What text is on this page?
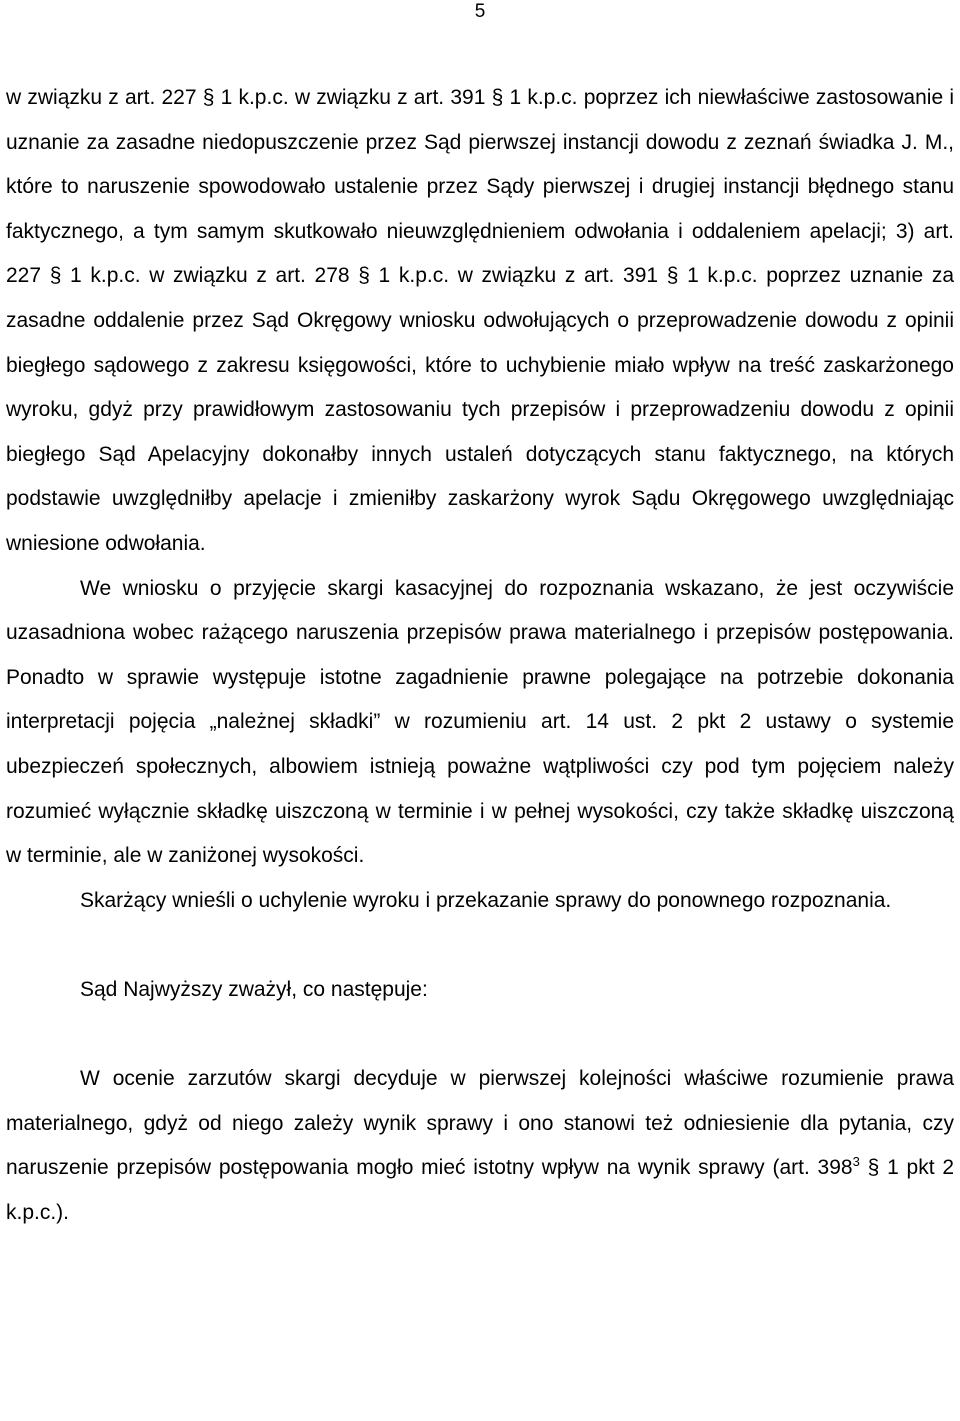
5

w związku z art. 227 § 1 k.p.c. w związku z art. 391 § 1 k.p.c. poprzez ich niewłaściwe zastosowanie i uznanie za zasadne niedopuszczenie przez Sąd pierwszej instancji dowodu z zeznań świadka J. M., które to naruszenie spowodowało ustalenie przez Sądy pierwszej i drugiej instancji błędnego stanu faktycznego, a tym samym skutkowało nieuwzględnieniem odwołania i oddaleniem apelacji; 3) art. 227 § 1 k.p.c. w związku z art. 278 § 1 k.p.c. w związku z art. 391 § 1 k.p.c. poprzez uznanie za zasadne oddalenie przez Sąd Okręgowy wniosku odwołujących o przeprowadzenie dowodu z opinii biegłego sądowego z zakresu księgowości, które to uchybienie miało wpływ na treść zaskarżonego wyroku, gdyż przy prawidłowym zastosowaniu tych przepisów i przeprowadzeniu dowodu z opinii biegłego Sąd Apelacyjny dokonałby innych ustaleń dotyczących stanu faktycznego, na których podstawie uwzględniłby apelacje i zmieniłby zaskarżony wyrok Sądu Okręgowego uwzględniając wniesione odwołania.

We wniosku o przyjęcie skargi kasacyjnej do rozpoznania wskazano, że jest oczywiście uzasadniona wobec rażącego naruszenia przepisów prawa materialnego i przepisów postępowania. Ponadto w sprawie występuje istotne zagadnienie prawne polegające na potrzebie dokonania interpretacji pojęcia „należnej składki” w rozumieniu art. 14 ust. 2 pkt 2 ustawy o systemie ubezpieczeń społecznych, albowiem istnieją poważne wątpliwości czy pod tym pojęciem należy rozumieć wyłącznie składkę uiszczoną w terminie i w pełnej wysokości, czy także składkę uiszczoną w terminie, ale w zaniżonej wysokości.

Skarżący wnieśli o uchylenie wyroku i przekazanie sprawy do ponownego rozpoznania.

Sąd Najwyższy zważył, co następuje:

W ocenie zarzutów skargi decyduje w pierwszej kolejności właściwe rozumienie prawa materialnego, gdyż od niego zależy wynik sprawy i ono stanowi też odniesienie dla pytania, czy naruszenie przepisów postępowania mogło mieć istotny wpływ na wynik sprawy (art. $398^3$ § 1 pkt 2 k.p.c.).
